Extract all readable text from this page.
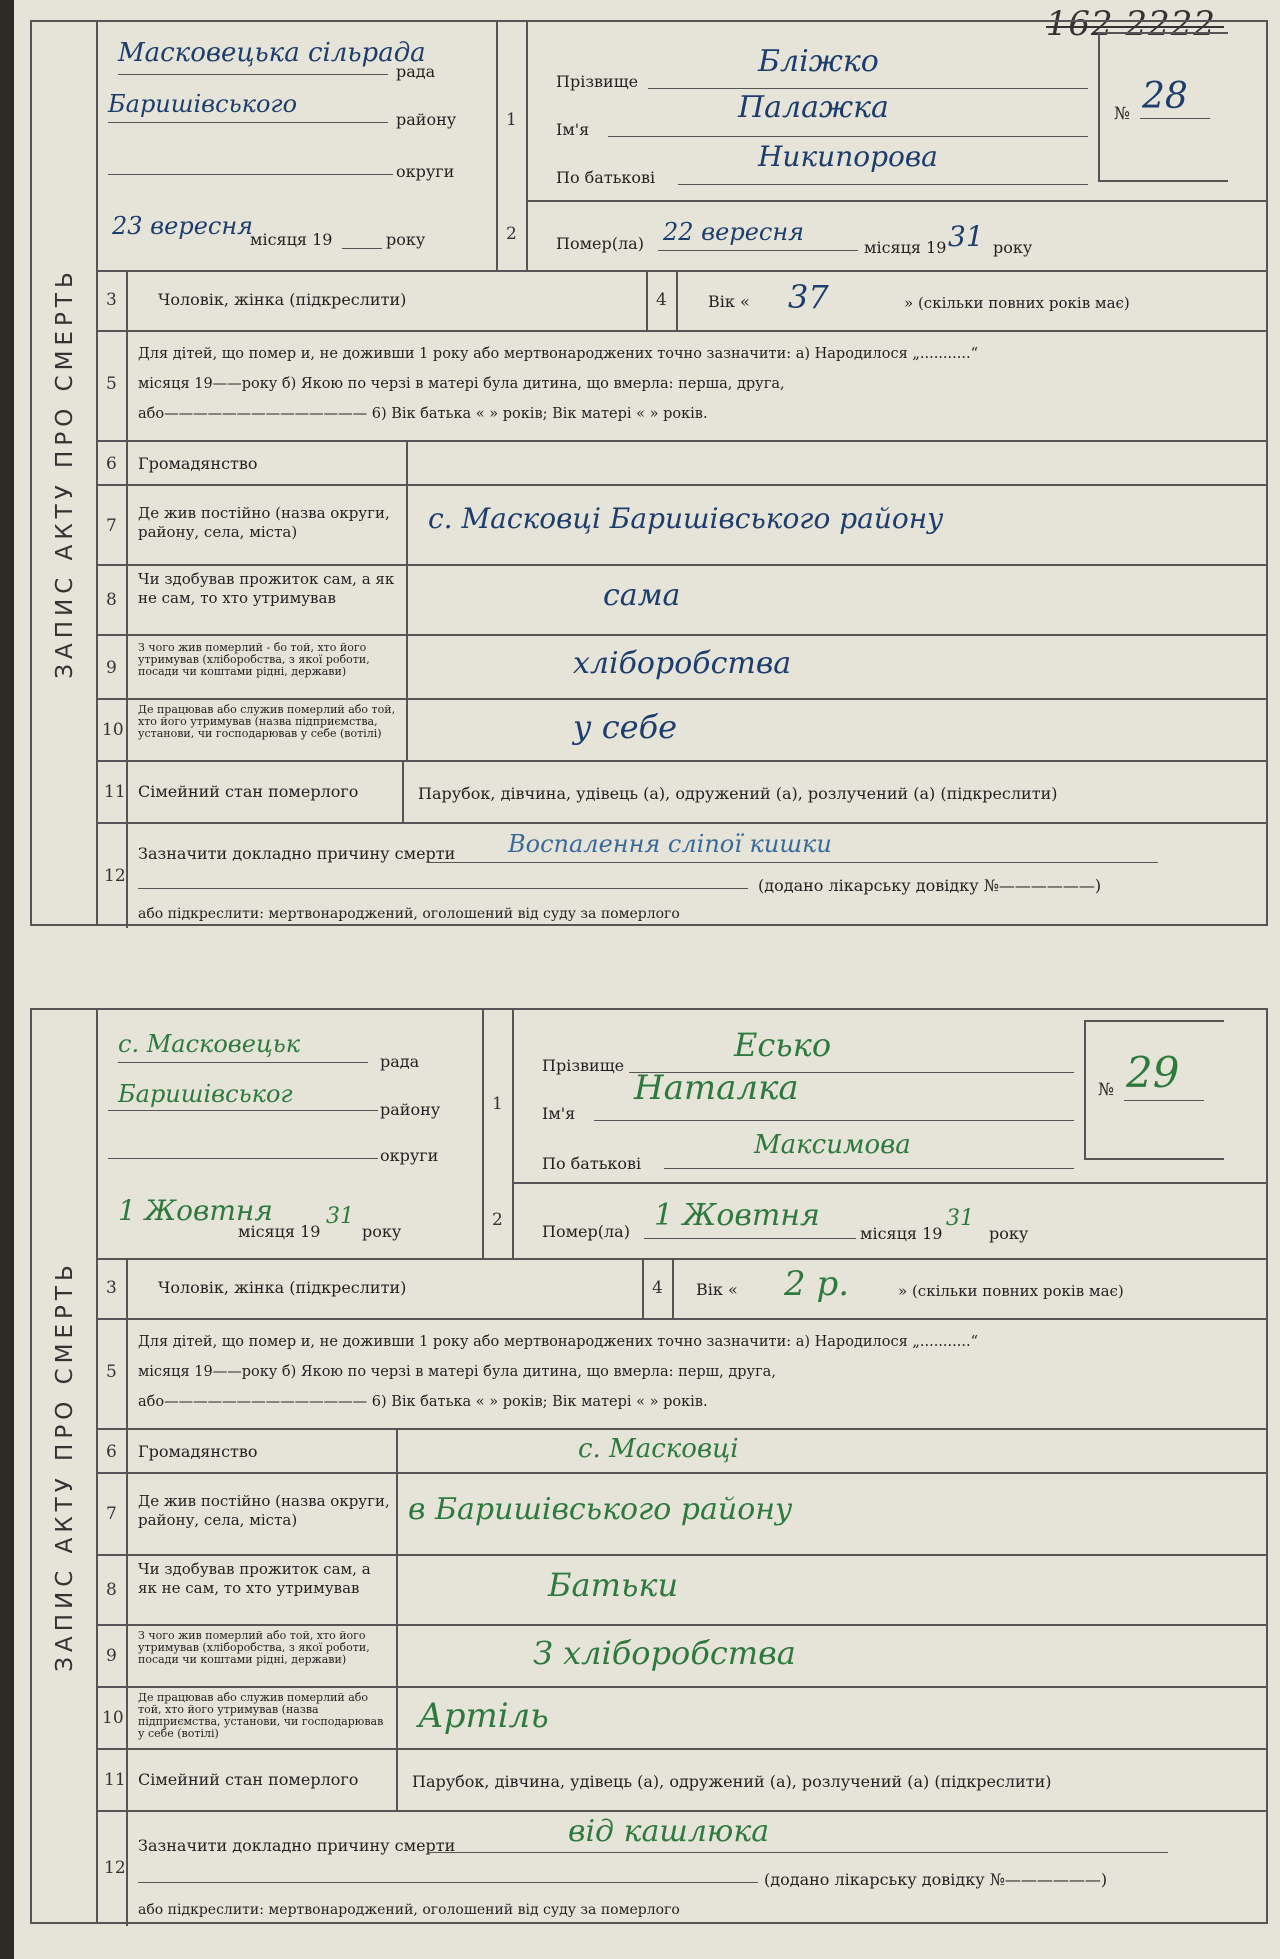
162 2222
ЗАПИС АКТУ ПРО СМЕРТЬ
Масковецька сільрада
рада
Баришівського
району
округи
23 вересня
місяця 19	року
1
2
Прізвище
Бліжко
Ім'я
Палажка
По батькові
Никипорова
№ 28
Помер(ла) 22 вересня
місяця 19 31 року
3	Чоловік, жінка (підкреслити)	4	Вік « 37	» (скільки повних років має)
5
Для дітей, що помер и, не доживши 1 року або мертвонароджених точно зазначити: а) Народилося „...........“
місяця 19——року б) Якою по черзі в матері була дитина, що вмерла: перша, друга,
або—————————————— 6) Вік батька « » років; Вік матері « » років.
6 Громадянство
7
Де жив постійно (назва округи, району, села, міста)	с. Масковці Баришівського району
8
Чи здобував прожиток сам, а як не сам, то хто утримував	сама
9
З чого жив померлий - бо той, хто його утримував (хліборобства, з якої роботи, посади чи коштами рідні, держави)	хліборобства
10
Де працював або служив померлий або той, хто його утримував (назва підприємства, установи, чи господарював у себе (вотілі)	у себе
11 Сімейний стан померлого	Парубок, дівчина, удівець (а), одружений (а), розлучений (а) (підкреслити)
12
Зазначити докладно причину смерти Воспалення сліпої кишки
(додано лікарську довідку №——————)
або підкреслити: мертвонароджений, оголошений від суду за померлого
ЗАПИС АКТУ ПРО СМЕРТЬ
с. Масковецьк
рада
Баришівськог
району
округи
1 Жовтня
місяця 19
31
року
1
2
Прізвище
Есько
Ім'я
Наталка
По батькові
Максимова
№ 29
Помер(ла) 1 Жовтня
місяця 19
31
року
3	Чоловік, жінка (підкреслити)	4 Вік « 2 р.	» (скільки повних років має)
5
Для дітей, що помер и, не доживши 1 року або мертвонароджених точно зазначити: а) Народилося „...........“
місяця 19——року б) Якою по черзі в матері була дитина, що вмерла: перш, друга,
або—————————————— 6) Вік батька « » років; Вік матері « » років.
6 Громадянство	с. Масковці
7
Де жив постійно (назва округи, району, села, міста)	в Баришівського району
8
Чи здобував прожиток сам, а як не сам, то хто утримував	Батьки
9
З чого жив померлий або той, хто його утримував (хліборобства, з якої роботи, посади чи коштами рідні, держави)	З хліборобства
10
Де працював або служив померлий або той, хто його утримував (назва підприємства, установи, чи господарював у себе (вотілі)	Артіль
11 Сімейний стан померлого	Парубок, дівчина, удівець (а), одружений (а), розлучений (а) (підкреслити)
12
Зазначити докладно причину смерти	від кашлюка
(додано лікарську довідку №——————)
або підкреслити: мертвонароджений, оголошений від суду за померлого
